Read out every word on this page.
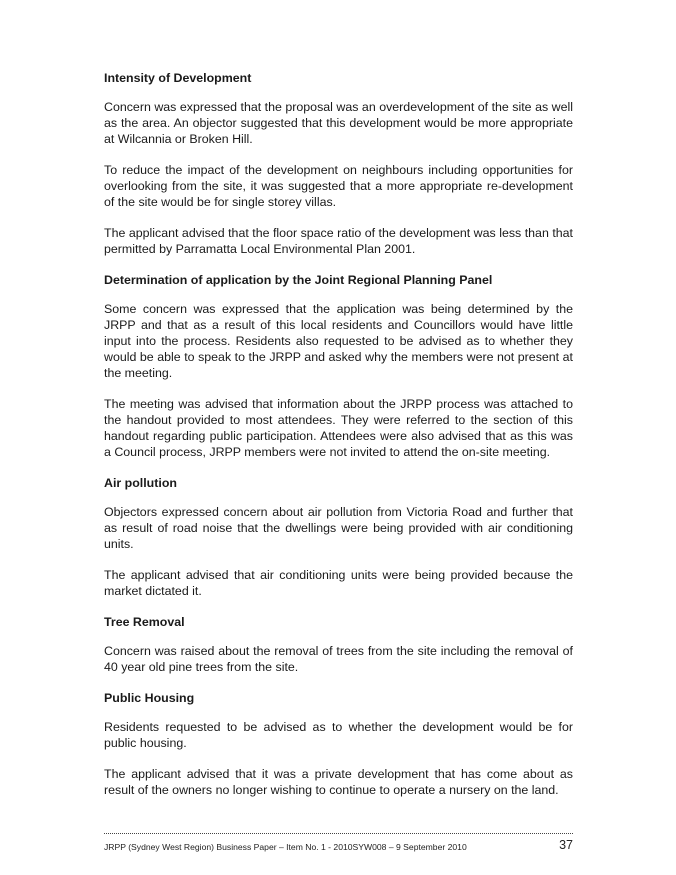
Intensity of Development

Concern was expressed that the proposal was an overdevelopment of the site as well as the area. An objector suggested that this development would be more appropriate at Wilcannia or Broken Hill.

To reduce the impact of the development on neighbours including opportunities for overlooking from the site, it was suggested that a more appropriate re-development of the site would be for single storey villas.

The applicant advised that the floor space ratio of the development was less than that permitted by Parramatta Local Environmental Plan 2001.

Determination of application by the Joint Regional Planning Panel

Some concern was expressed that the application was being determined by the JRPP and that as a result of this local residents and Councillors would have little input into the process. Residents also requested to be advised as to whether they would be able to speak to the JRPP and asked why the members were not present at the meeting.

The meeting was advised that information about the JRPP process was attached to the handout provided to most attendees. They were referred to the section of this handout regarding public participation. Attendees were also advised that as this was a Council process, JRPP members were not invited to attend the on-site meeting.

Air pollution

Objectors expressed concern about air pollution from Victoria Road and further that as result of road noise that the dwellings were being provided with air conditioning units.

The applicant advised that air conditioning units were being provided because the market dictated it.

Tree Removal

Concern was raised about the removal of trees from the site including the removal of 40 year old pine trees from the site.

Public Housing

Residents requested to be advised as to whether the development would be for public housing.

The applicant advised that it was a private development that has come about as result of the owners no longer wishing to continue to operate a nursery on the land.

JRPP (Sydney West Region) Business Paper – Item No. 1 - 2010SYW008 – 9 September 2010	37
